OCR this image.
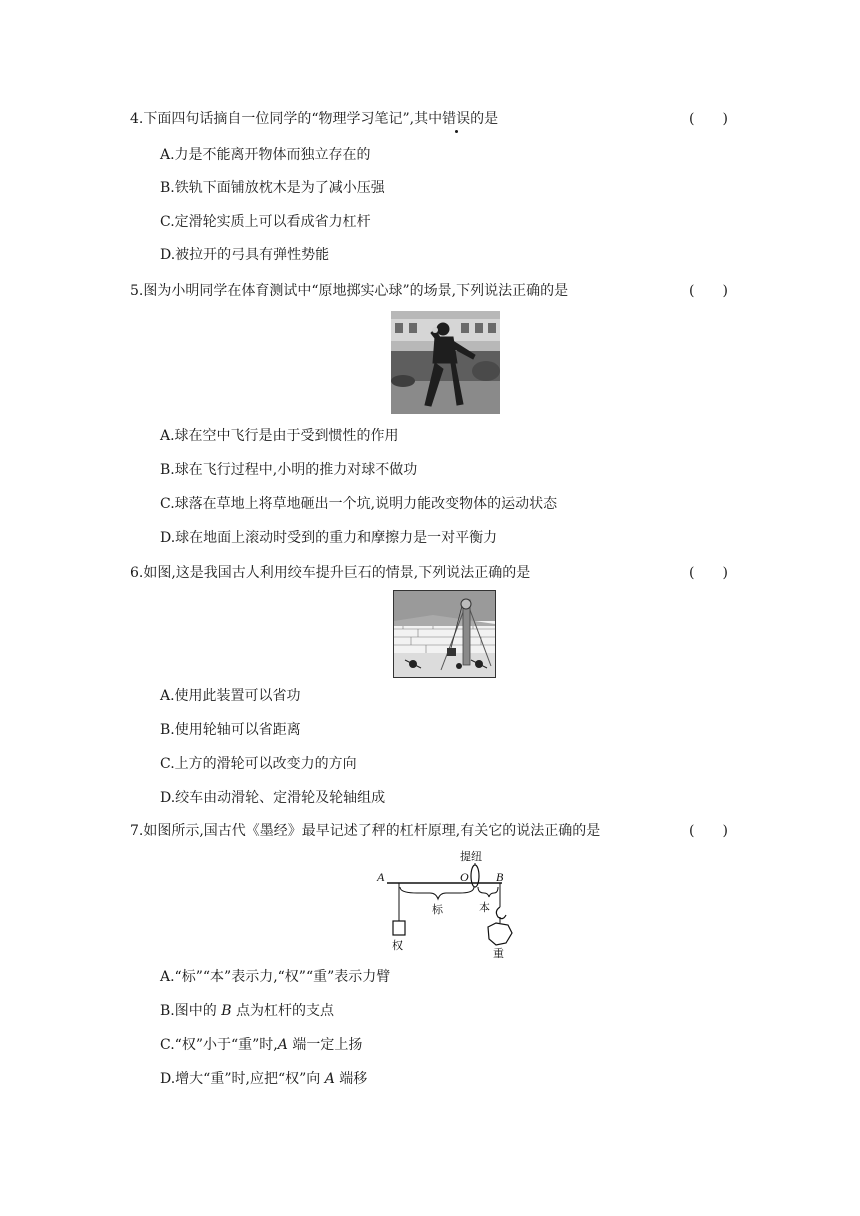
4.下面四句话摘自一位同学的“物理学习笔记”,其中错误的是	(　　)
A.力是不能离开物体而独立存在的
B.铁轨下面铺放枕木是为了减小压强
C.定滑轮实质上可以看成省力杠杆
D.被拉开的弓具有弹性势能
5.图为小明同学在体育测试中“原地掷实心球”的场景,下列说法正确的是	(　　)
A.球在空中飞行是由于受到惯性的作用
B.球在飞行过程中,小明的推力对球不做功
C.球落在草地上将草地砸出一个坑,说明力能改变物体的运动状态
D.球在地面上滚动时受到的重力和摩擦力是一对平衡力
6.如图,这是我国古人利用绞车提升巨石的情景,下列说法正确的是	(　　)
A.使用此装置可以省功
B.使用轮轴可以省距离
C.上方的滑轮可以改变力的方向
D.绞车由动滑轮、定滑轮及轮轴组成
7.如图所示,国古代《墨经》最早记述了秤的杠杆原理,有关它的说法正确的是	(　　)
提纽
A	O B
标	本
权
重
A.“标”“本”表示力,“权”“重”表示力臂
B.图中的 B 点为杠杆的支点
C.“权”小于“重”时,A 端一定上扬
D.增大“重”时,应把“权”向 A 端移
